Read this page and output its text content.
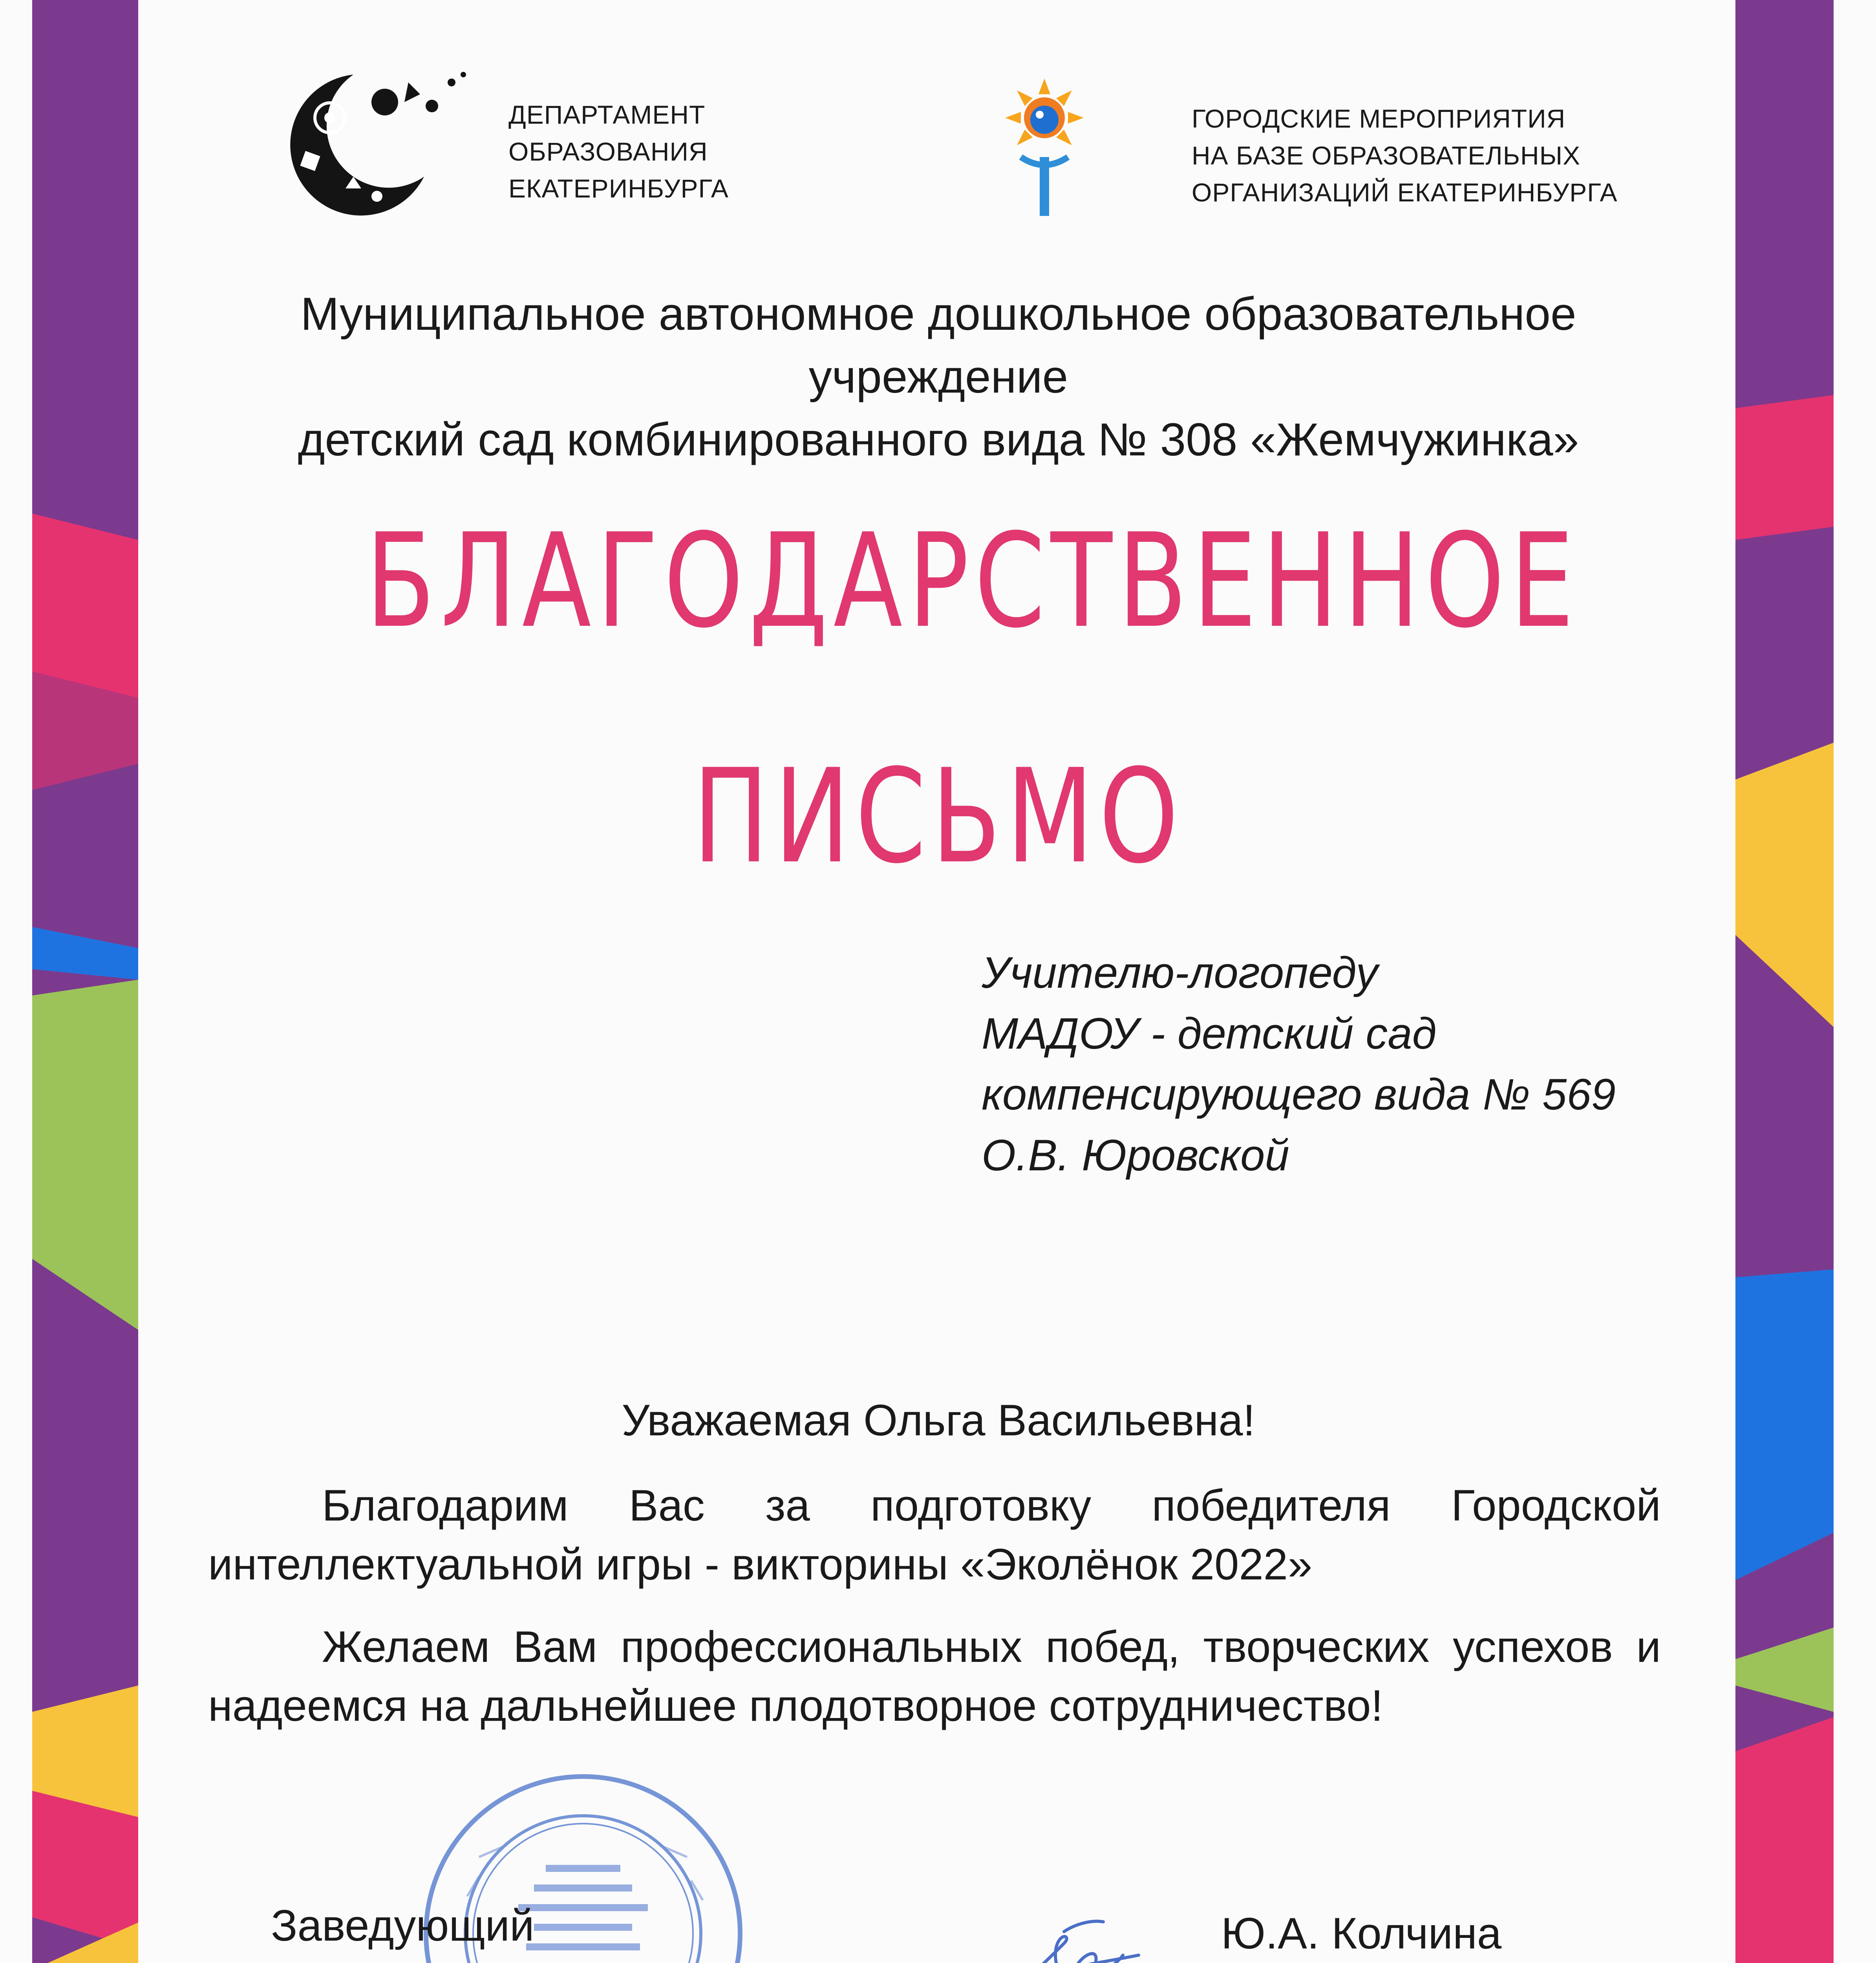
ДЕПАРТАМЕНТ
ОБРАЗОВАНИЯ
ЕКАТЕРИНБУРГА
ГОРОДСКИЕ МЕРОПРИЯТИЯ
НА БАЗЕ ОБРАЗОВАТЕЛЬНЫХ
ОРГАНИЗАЦИЙ ЕКАТЕРИНБУРГА
Муниципальное автономное дошкольное образовательное учреждение
детский сад комбинированного вида № 308 «Жемчужинка»
БЛАГОДАРСТВЕННОЕ
ПИСЬМО
Учителю-логопеду
МАДОУ - детский сад
компенсирующего вида № 569
О.В. Юровской
Уважаемая Ольга Васильевна!
Благодарим Вас за подготовку победителя Городской интеллектуальной игры - викторины «Эколёнок 2022»
Желаем Вам профессиональных побед, творческих успехов и надеемся на дальнейшее плодотворное сотрудничество!
Заведующий	Ю.А. Колчина
